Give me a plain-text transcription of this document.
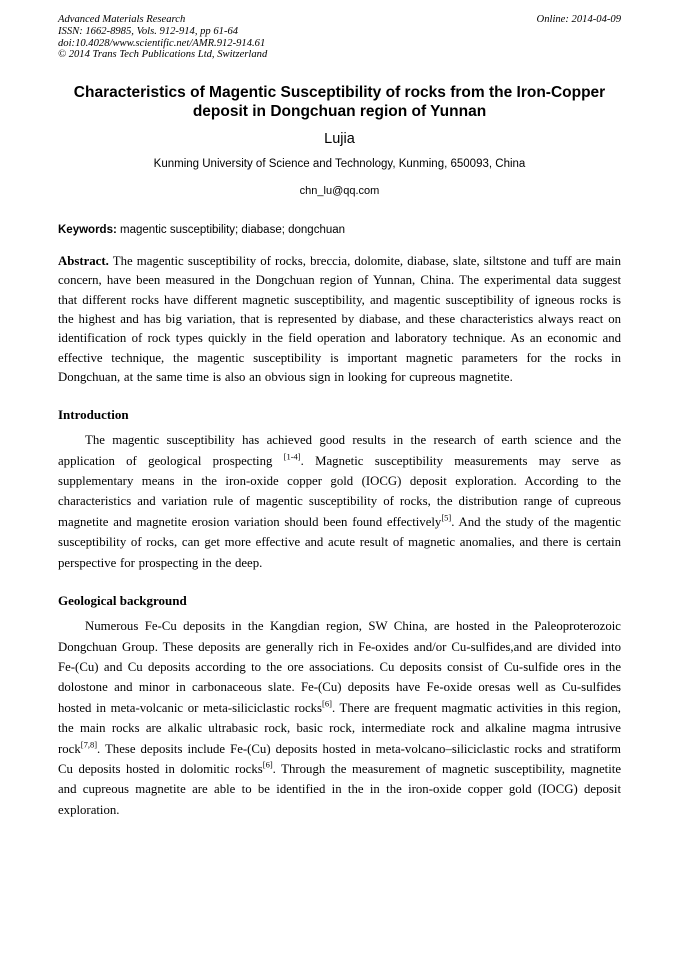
Advanced Materials Research
ISSN: 1662-8985, Vols. 912-914, pp 61-64
doi:10.4028/www.scientific.net/AMR.912-914.61
© 2014 Trans Tech Publications Ltd, Switzerland
Online: 2014-04-09
Characteristics of Magentic Susceptibility of rocks from the Iron-Copper deposit in Dongchuan region of Yunnan
Lujia
Kunming University of Science and Technology, Kunming, 650093, China
chn_lu@qq.com
Keywords: magentic susceptibility; diabase; dongchuan
Abstract. The magentic susceptibility of rocks, breccia, dolomite, diabase, slate, siltstone and tuff are main concern, have been measured in the Dongchuan region of Yunnan, China. The experimental data suggest that different rocks have different magnetic susceptibility, and magentic susceptibility of igneous rocks is the highest and has big variation, that is represented by diabase, and these characteristics always react on identification of rock types quickly in the field operation and laboratory technique. As an economic and effective technique, the magentic susceptibility is important magnetic parameters for the rocks in Dongchuan, at the same time is also an obvious sign in looking for cupreous magnetite.
Introduction
The magentic susceptibility has achieved good results in the research of earth science and the application of geological prospecting [1-4]. Magnetic susceptibility measurements may serve as supplementary means in the iron-oxide copper gold (IOCG) deposit exploration. According to the characteristics and variation rule of magentic susceptibility of rocks, the distribution range of cupreous magnetite and magnetite erosion variation should been found effectively[5]. And the study of the magentic susceptibility of rocks, can get more effective and acute result of magnetic anomalies, and there is certain perspective for prospecting in the deep.
Geological background
Numerous Fe-Cu deposits in the Kangdian region, SW China, are hosted in the Paleoproterozoic Dongchuan Group. These deposits are generally rich in Fe-oxides and/or Cu-sulfides,and are divided into Fe-(Cu) and Cu deposits according to the ore associations. Cu deposits consist of Cu-sulfide ores in the dolostone and minor in carbonaceous slate. Fe-(Cu) deposits have Fe-oxide oresas well as Cu-sulfides hosted in meta-volcanic or meta-siliciclastic rocks[6]. There are frequent magmatic activities in this region, the main rocks are alkalic ultrabasic rock, basic rock, intermediate rock and alkaline magma intrusive rock[7,8]. These deposits include Fe-(Cu) deposits hosted in meta-volcano–siliciclastic rocks and stratiform Cu deposits hosted in dolomitic rocks[6]. Through the measurement of magnetic susceptibility, magnetite and cupreous magnetite are able to be identified in the in the iron-oxide copper gold (IOCG) deposit exploration.
